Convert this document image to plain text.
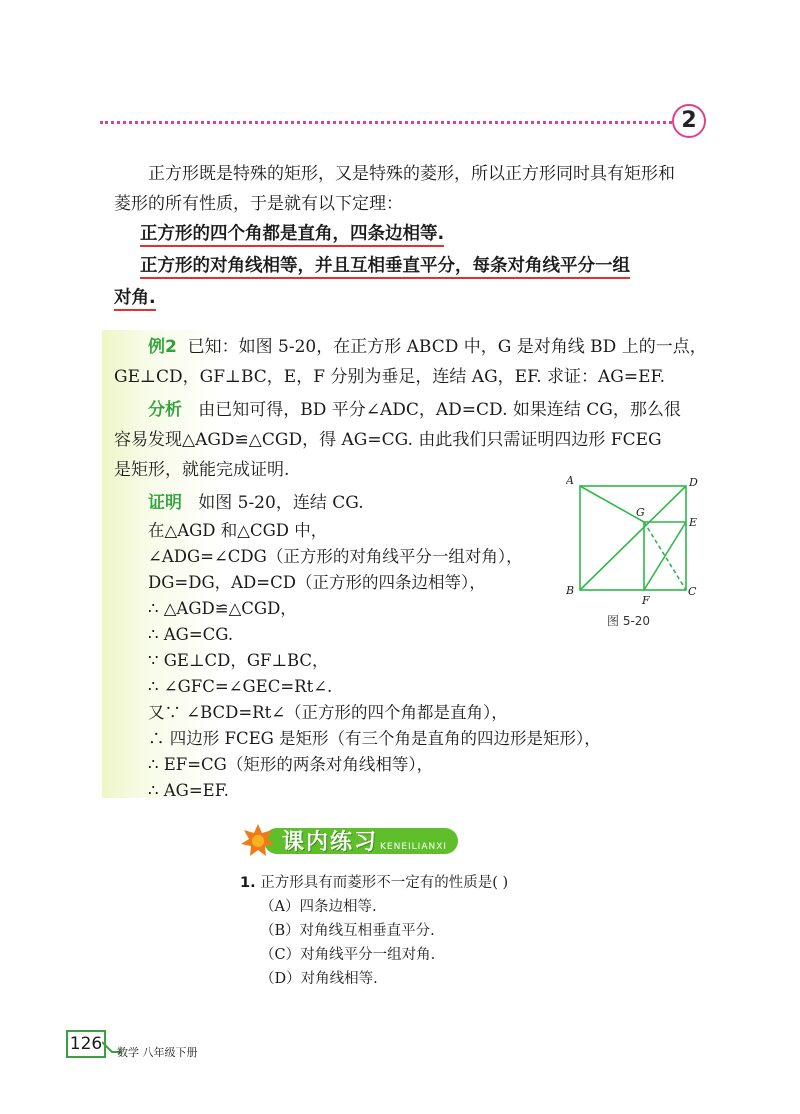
2
正方形既是特殊的矩形，又是特殊的菱形，所以正方形同时具有矩形和
菱形的所有性质，于是就有以下定理：
正方形的四个角都是直角，四条边相等.
正方形的对角线相等，并且互相垂直平分，每条对角线平分一组
对角.
例2 已知：如图 5-20，在正方形 ABCD 中，G 是对角线 BD 上的一点，
GE⊥CD，GF⊥BC，E，F 分别为垂足，连结 AG，EF. 求证：AG=EF.
分析 由已知可得，BD 平分∠ADC，AD=CD. 如果连结 CG，那么很
容易发现△AGD≌△CGD，得 AG=CG. 由此我们只需证明四边形 FCEG
是矩形，就能完成证明.
证明 如图 5-20，连结 CG.
在△AGD 和△CGD 中，
∠ADG=∠CDG（正方形的对角线平分一组对角），
DG=DG，AD=CD（正方形的四条边相等），
∴ △AGD≌△CGD，
∴ AG=CG.
∵ GE⊥CD，GF⊥BC，
∴ ∠GFC=∠GEC=Rt∠.
又∵ ∠BCD=Rt∠（正方形的四个角都是直角），
∴ 四边形 FCEG 是矩形（有三个角是直角的四边形是矩形），
∴ EF=CG（矩形的两条对角线相等），
∴ AG=EF.
A	D
G
E
B	C
F
图 5-20
课内练习 KENEILIANXI
1. 正方形具有而菱形不一定有的性质是( )
（A）四条边相等.
（B）对角线互相垂直平分.
（C）对角线平分一组对角.
（D）对角线相等.
126	数学 八年级下册
